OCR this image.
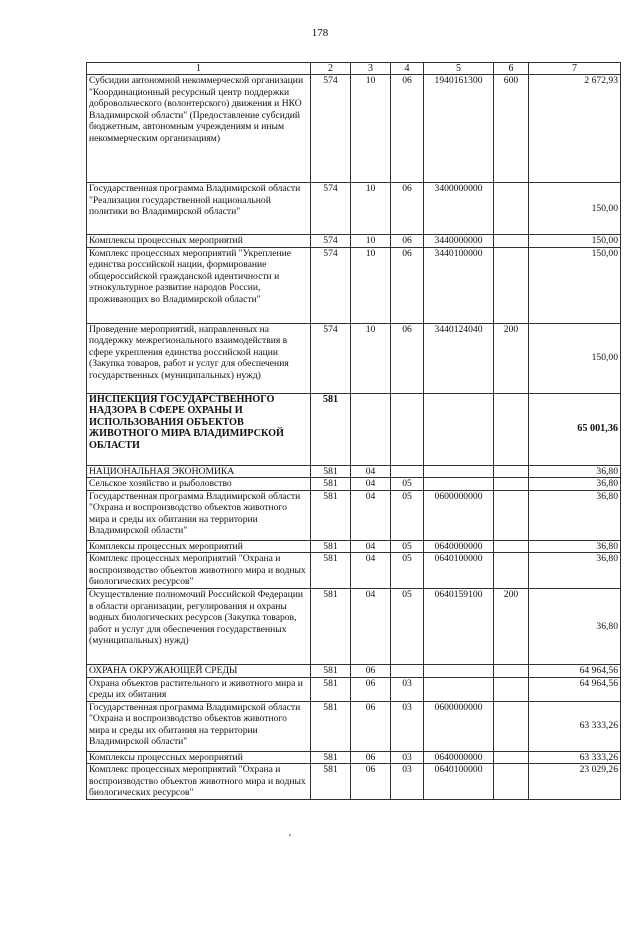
178
1	2	3	4	5	6	7
Субсидии автономной некоммерческой организации "Координационный ресурсный центр поддержки добровольческого (волонтерского) движения и НКО Владимирской области" (Предоставление субсидий бюджетным, автономным учреждениям и иным некоммерческим организациям)	574	10	06	1940161300	600	2 672,93
Государственная программа Владимирской области "Реализация государственной национальной политики во Владимирской области"	574	10	06	3400000000		150,00
Комплексы процессных мероприятий	574	10	06	3440000000		150,00
Комплекс процессных мероприятий "Укрепление единства российской нации, формирование общероссийской гражданской идентичности и этнокультурное развитие народов России, проживающих во Владимирской области"	574	10	06	3440100000		150,00
Проведение мероприятий, направленных на поддержку межрегионального взаимодействия в сфере укрепления единства российской нации (Закупка товаров, работ и услуг для обеспечения государственных (муниципальных) нужд)	574	10	06	3440124040	200	150,00
ИНСПЕКЦИЯ ГОСУДАРСТВЕННОГО НАДЗОРА В СФЕРЕ ОХРАНЫ И ИСПОЛЬЗОВАНИЯ ОБЪЕКТОВ ЖИВОТНОГО МИРА ВЛАДИМИРСКОЙ ОБЛАСТИ	581					65 001,36
НАЦИОНАЛЬНАЯ ЭКОНОМИКА	581	04				36,80
Сельское хозяйство и рыболовство	581	04	05			36,80
Государственная программа Владимирской области "Охрана и воспроизводство объектов животного мира и среды их обитания на территории Владимирской области"	581	04	05	0600000000		36,80
Комплексы процессных мероприятий	581	04	05	0640000000		36,80
Комплекс процессных мероприятий "Охрана и воспроизводство объектов животного мира и водных биологических ресурсов"	581	04	05	0640100000		36,80
Осуществление полномочий Российской Федерации в области организации, регулирования и охраны водных биологических ресурсов (Закупка товаров, работ и услуг для обеспечения государственных (муниципальных) нужд)	581	04	05	0640159100	200	36,80
ОХРАНА ОКРУЖАЮЩЕЙ СРЕДЫ	581	06				64 964,56
Охрана объектов растительного и животного мира и среды их обитания	581	06	03			64 964,56
Государственная программа Владимирской области "Охрана и воспроизводство объектов животного мира и среды их обитания на территории Владимирской области"	581	06	03	0600000000		63 333,26
Комплексы процессных мероприятий	581	06	03	0640000000		63 333,26
Комплекс процессных мероприятий "Охрана и воспроизводство объектов животного мира и водных биологических ресурсов"	581	06	03	0640100000		23 029,26
'
